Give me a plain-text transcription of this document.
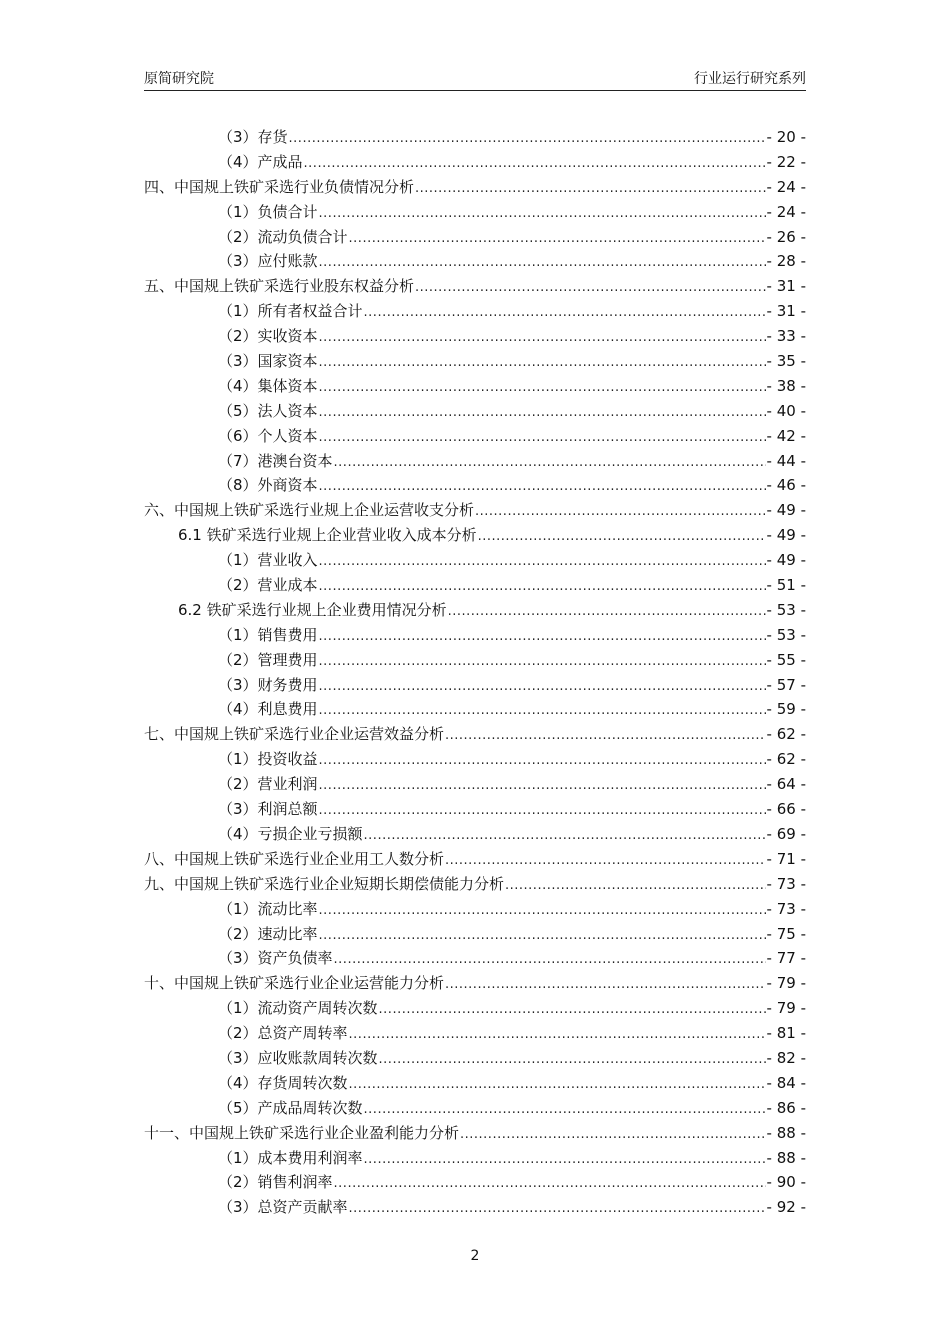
原简研究院	行业运行研究系列
（3）存货 .....	- 20 -
（4）产成品 .....	- 22 -
四、中国规上铁矿采选行业负债情况分析 .....	- 24 -
（1）负债合计 .....	- 24 -
（2）流动负债合计 .....	- 26 -
（3）应付账款 .....	- 28 -
五、中国规上铁矿采选行业股东权益分析 .....	- 31 -
（1）所有者权益合计 .....	- 31 -
（2）实收资本 .....	- 33 -
（3）国家资本 .....	- 35 -
（4）集体资本 .....	- 38 -
（5）法人资本 .....	- 40 -
（6）个人资本 .....	- 42 -
（7）港澳台资本 .....	- 44 -
（8）外商资本 .....	- 46 -
六、中国规上铁矿采选行业规上企业运营收支分析 .....	- 49 -
6.1 铁矿采选行业规上企业营业收入成本分析 .....	- 49 -
（1）营业收入 .....	- 49 -
（2）营业成本 .....	- 51 -
6.2 铁矿采选行业规上企业费用情况分析 .....	- 53 -
（1）销售费用 .....	- 53 -
（2）管理费用 .....	- 55 -
（3）财务费用 .....	- 57 -
（4）利息费用 .....	- 59 -
七、中国规上铁矿采选行业企业运营效益分析 .....	- 62 -
（1）投资收益 .....	- 62 -
（2）营业利润 .....	- 64 -
（3）利润总额 .....	- 66 -
（4）亏损企业亏损额 .....	- 69 -
八、中国规上铁矿采选行业企业用工人数分析 .....	- 71 -
九、中国规上铁矿采选行业企业短期长期偿债能力分析 .....	- 73 -
（1）流动比率 .....	- 73 -
（2）速动比率 .....	- 75 -
（3）资产负债率 .....	- 77 -
十、中国规上铁矿采选行业企业运营能力分析 .....	- 79 -
（1）流动资产周转次数 .....	- 79 -
（2）总资产周转率 .....	- 81 -
（3）应收账款周转次数 .....	- 82 -
（4）存货周转次数 .....	- 84 -
（5）产成品周转次数 .....	- 86 -
十一、中国规上铁矿采选行业企业盈利能力分析 .....	- 88 -
（1）成本费用利润率 .....	- 88 -
（2）销售利润率 .....	- 90 -
（3）总资产贡献率 .....	- 92 -
2
